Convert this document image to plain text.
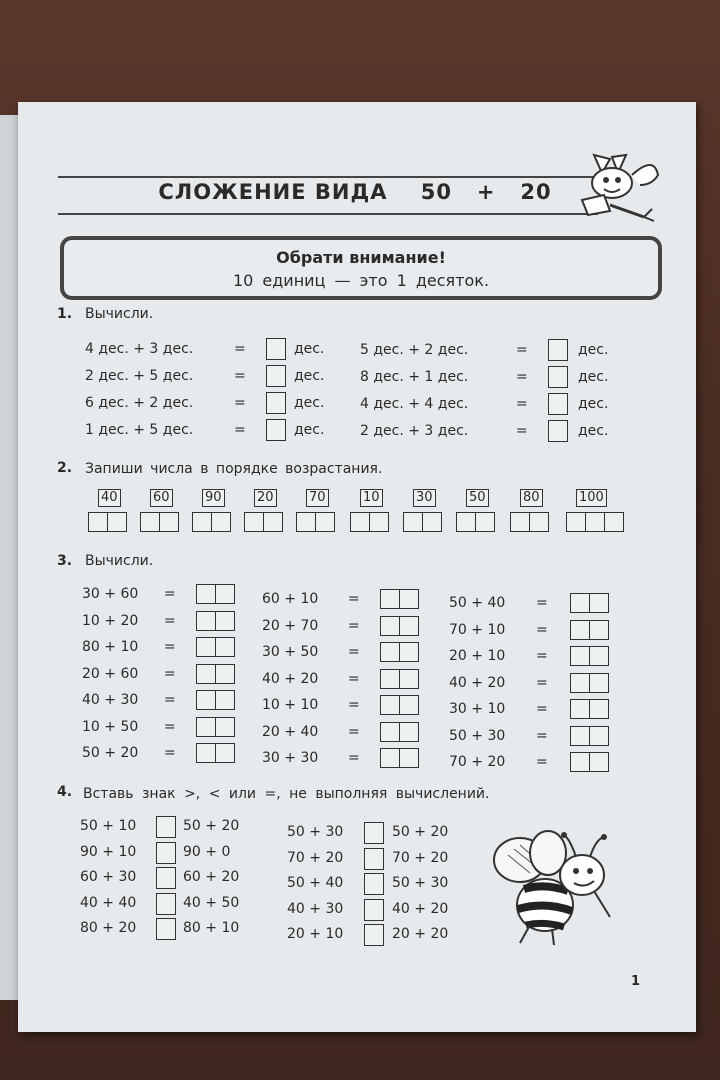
СЛОЖЕНИЕ ВИДА 50 + 20
Обрати внимание!
10 единиц — это 1 десяток.
1. Вычисли.
4 дес. + 3 дес.	=	дес.
2 дес. + 5 дес.	=	дес.
6 дес. + 2 дес.	=	дес.
1 дес. + 5 дес.	=	дес.
5 дес. + 2 дес.	=	дес.
8 дес. + 1 дес.	=	дес.
4 дес. + 4 дес.	=	дес.
2 дес. + 3 дес.	=	дес.
2. Запиши числа в порядке возрастания.
40	60	90	20	70	10	30	50	80	100
3. Вычисли.
30 + 60 =
10 + 20 =
80 + 10 =
20 + 60 =
40 + 30 =
10 + 50 =
50 + 20 =
60 + 10 =
20 + 70 =
30 + 50 =
40 + 20 =
10 + 10 =
20 + 40 =
30 + 30 =
50 + 40 =
70 + 10 =
20 + 10 =
40 + 20 =
30 + 10 =
50 + 30 =
70 + 20 =
4. Вставь знак >, < или =, не выполняя вычислений.
50 + 10	50 + 20
90 + 10	90 + 0
60 + 30	60 + 20
40 + 40	40 + 50
80 + 20	80 + 10
50 + 30	50 + 20
70 + 20	70 + 20
50 + 40	50 + 30
40 + 30	40 + 20
20 + 10	20 + 20
1
